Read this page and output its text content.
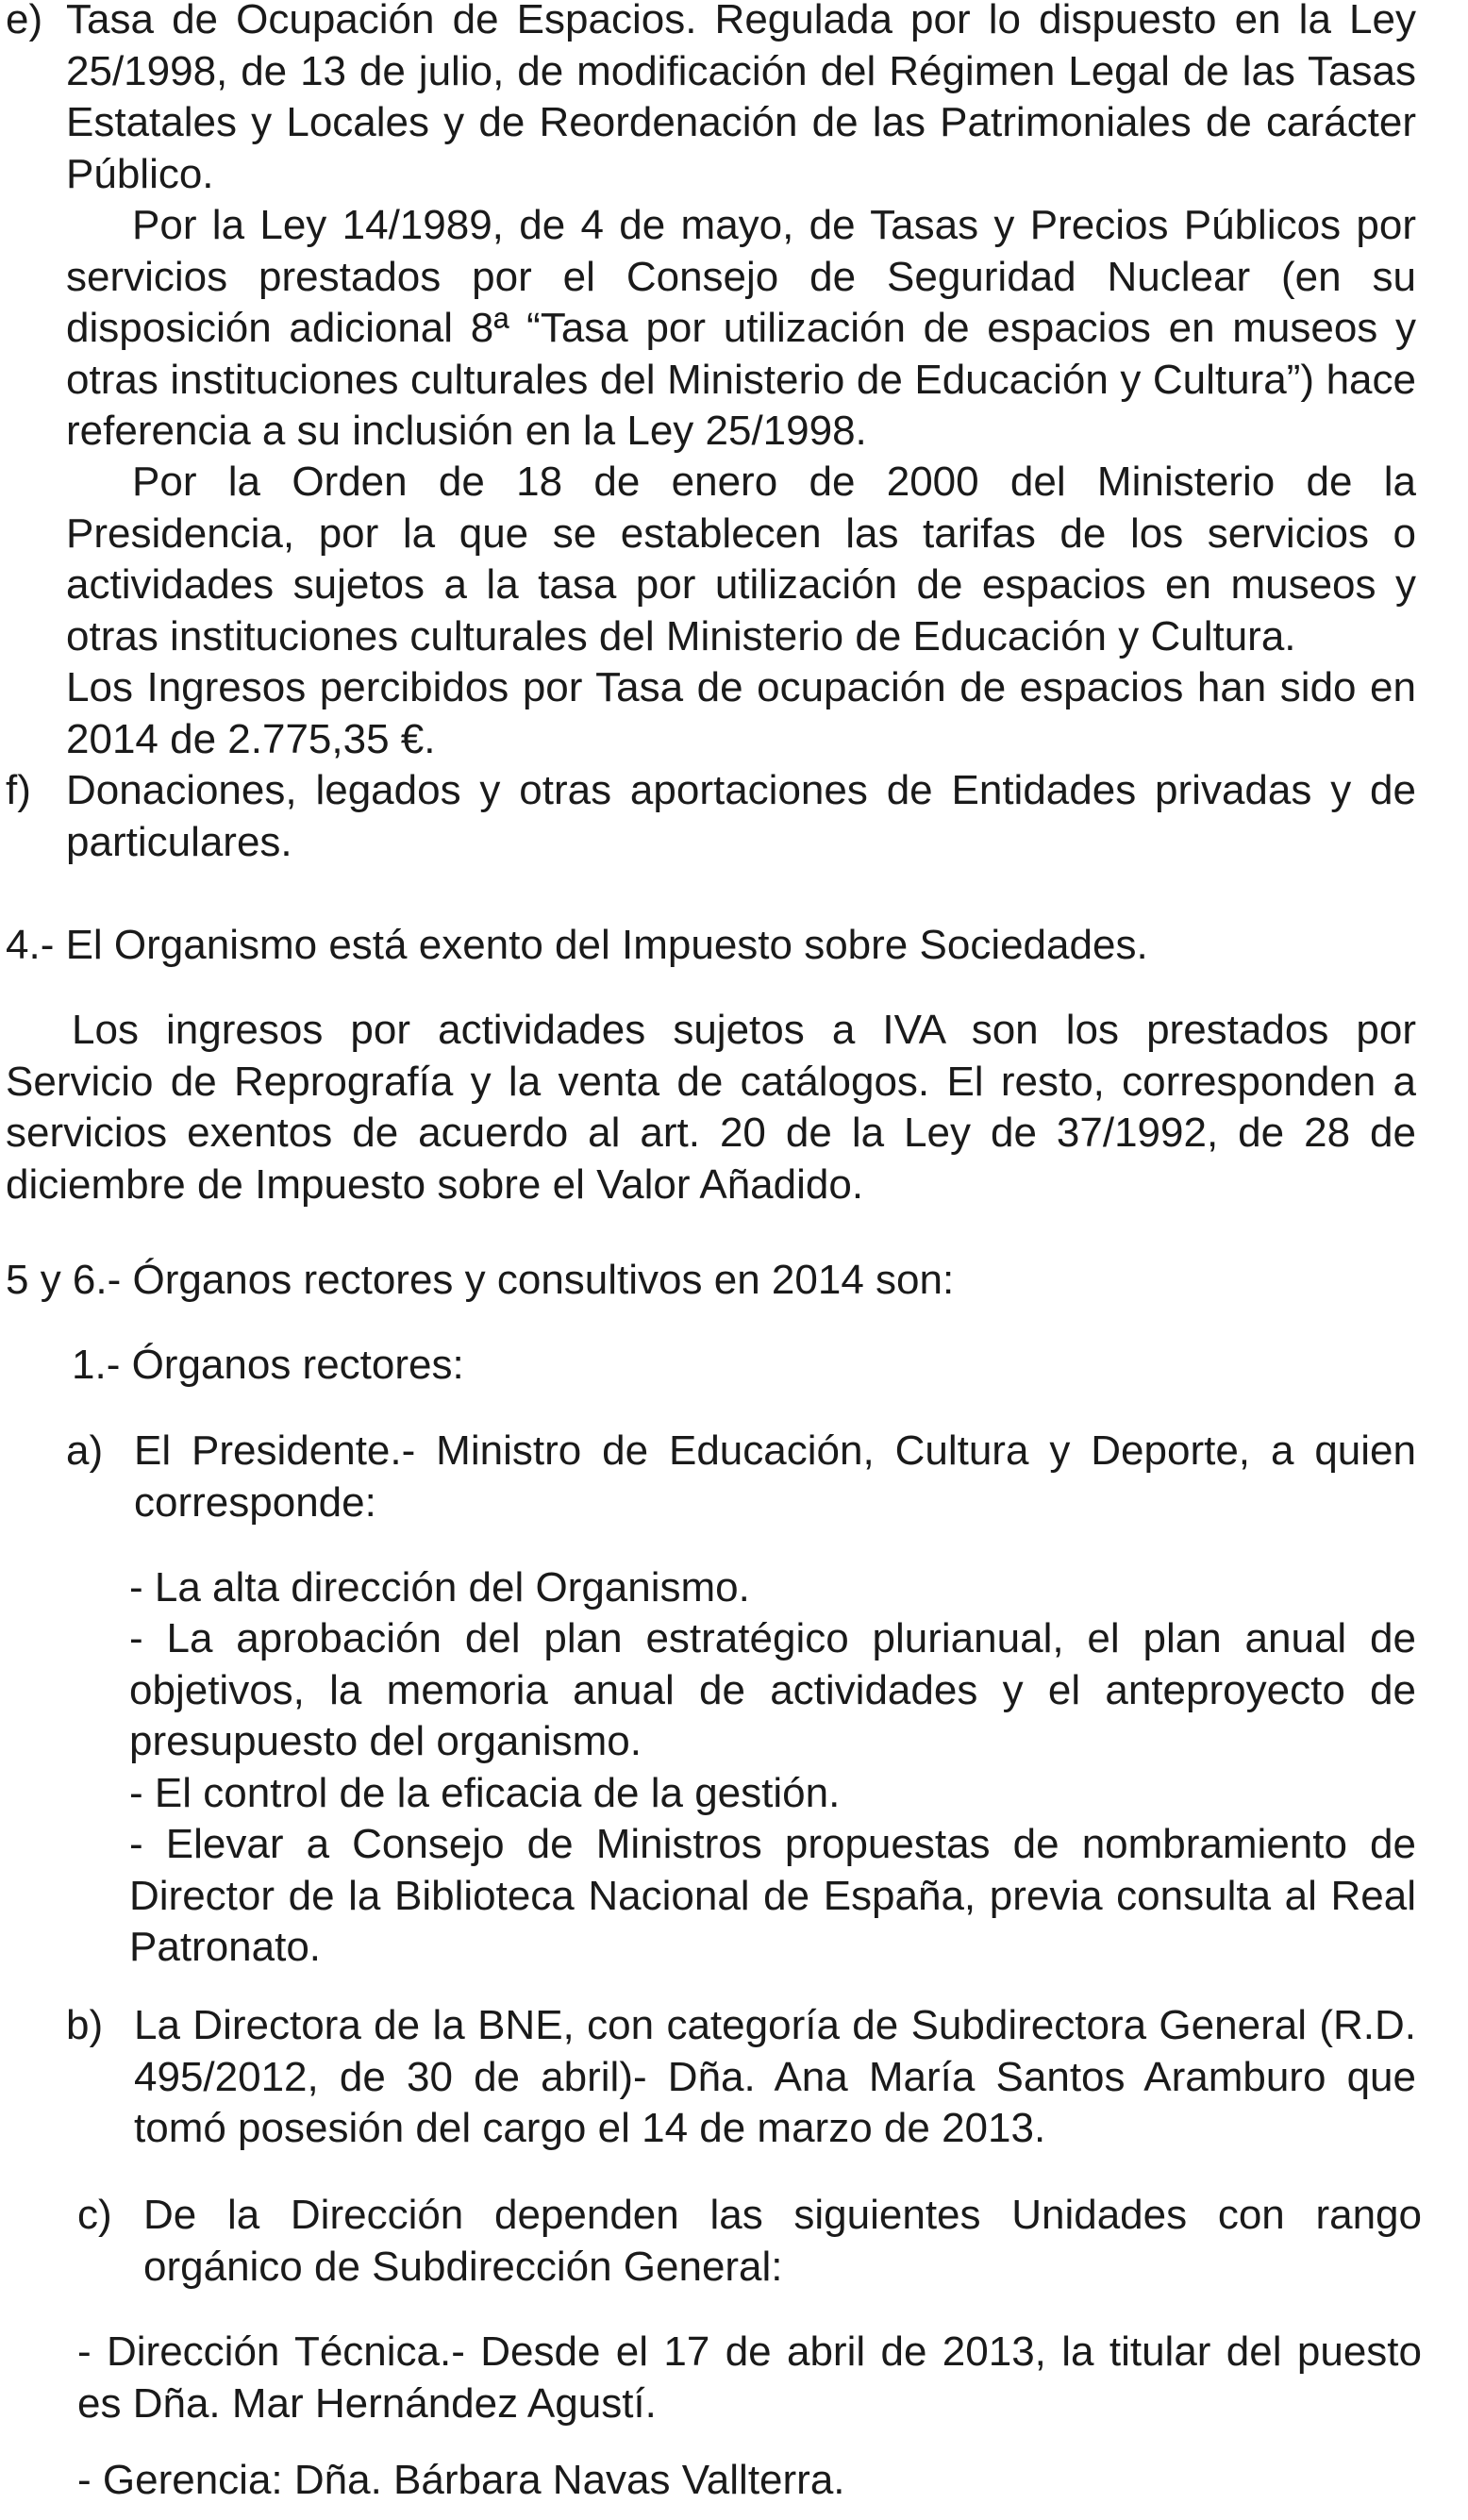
e) Tasa de Ocupación de Espacios. Regulada por lo dispuesto en la Ley 25/1998, de 13 de julio, de modificación del Régimen Legal de las Tasas Estatales y Locales y de Reordenación de las Patrimoniales de carácter Público.

Por la Ley 14/1989, de 4 de mayo, de Tasas y Precios Públicos por servicios prestados por el Consejo de Seguridad Nuclear (en su disposición adicional 8ª “Tasa por utilización de espacios en museos y otras instituciones culturales del Ministerio de Educación y Cultura”) hace referencia a su inclusión en la Ley 25/1998.

Por la Orden de 18 de enero de 2000 del Ministerio de la Presidencia, por la que se establecen las tarifas de los servicios o actividades sujetos a la tasa por utilización de espacios en museos y otras instituciones culturales del Ministerio de Educación y Cultura.

Los Ingresos percibidos por Tasa de ocupación de espacios han sido en 2014 de 2.775,35 €.

f) Donaciones, legados y otras aportaciones de Entidades privadas y de particulares.

4.- El Organismo está exento del Impuesto sobre Sociedades.

Los ingresos por actividades sujetos a IVA son los prestados por Servicio de Reprografía y la venta de catálogos. El resto, corresponden a servicios exentos de acuerdo al art. 20 de la Ley de 37/1992, de 28 de diciembre de Impuesto sobre el Valor Añadido.

5 y 6.- Órganos rectores y consultivos en 2014 son:

1.- Órganos rectores:

a) El Presidente.- Ministro de Educación, Cultura y Deporte, a quien corresponde:

- La alta dirección del Organismo.

- La aprobación del plan estratégico plurianual, el plan anual de objetivos, la memoria anual de actividades y el anteproyecto de presupuesto del organismo.

- El control de la eficacia de la gestión.

- Elevar a Consejo de Ministros propuestas de nombramiento de Director de la Biblioteca Nacional de España, previa consulta al Real Patronato.

b) La Directora de la BNE, con categoría de Subdirectora General (R.D. 495/2012, de 30 de abril)- Dña. Ana María Santos Aramburo que tomó posesión del cargo el 14 de marzo de 2013.

c) De la Dirección dependen las siguientes Unidades con rango orgánico de Subdirección General:

- Dirección Técnica.- Desde el 17 de abril de 2013, la titular del puesto es Dña. Mar Hernández Agustí.

- Gerencia: Dña. Bárbara Navas Vallterra.
